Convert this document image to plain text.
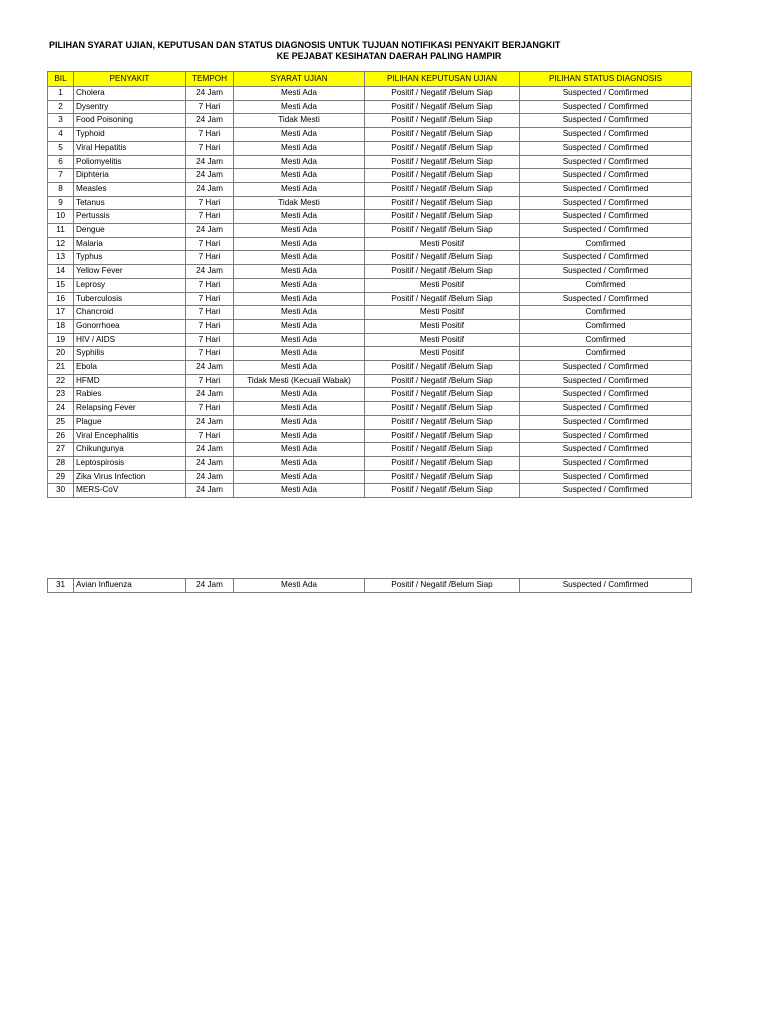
PILIHAN SYARAT UJIAN, KEPUTUSAN DAN STATUS DIAGNOSIS UNTUK TUJUAN NOTIFIKASI PENYAKIT BERJANGKIT
KE PEJABAT KESIHATAN DAERAH PALING HAMPIR
BIL	PENYAKIT	TEMPOH	SYARAT UJIAN	PILIHAN KEPUTUSAN UJIAN	PILIHAN STATUS DIAGNOSIS
1	Cholera	24 Jam	Mesti Ada	Positif / Negatif /Belum Siap	Suspected / Comfirmed
2	Dysentry	7 Hari	Mesti Ada	Positif / Negatif /Belum Siap	Suspected / Comfirmed
3	Food Poisoning	24 Jam	Tidak Mesti	Positif / Negatif /Belum Siap	Suspected / Comfirmed
4	Typhoid	7 Hari	Mesti Ada	Positif / Negatif /Belum Siap	Suspected / Comfirmed
5	Viral Hepatitis	7 Hari	Mesti Ada	Positif / Negatif /Belum Siap	Suspected / Comfirmed
6	Poliomyelitis	24 Jam	Mesti Ada	Positif / Negatif /Belum Siap	Suspected / Comfirmed
7	Diphteria	24 Jam	Mesti Ada	Positif / Negatif /Belum Siap	Suspected / Comfirmed
8	Measles	24 Jam	Mesti Ada	Positif / Negatif /Belum Siap	Suspected / Comfirmed
9	Tetanus	7 Hari	Tidak Mesti	Positif / Negatif /Belum Siap	Suspected / Comfirmed
10	Pertussis	7 Hari	Mesti Ada	Positif / Negatif /Belum Siap	Suspected / Comfirmed
11	Dengue	24 Jam	Mesti Ada	Positif / Negatif /Belum Siap	Suspected / Comfirmed
12	Malaria	7 Hari	Mesti Ada	Mesti Positif	Comfirmed
13	Typhus	7 Hari	Mesti Ada	Positif / Negatif /Belum Siap	Suspected / Comfirmed
14	Yellow Fever	24 Jam	Mesti Ada	Positif / Negatif /Belum Siap	Suspected / Comfirmed
15	Leprosy	7 Hari	Mesti Ada	Mesti Positif	Comfirmed
16	Tuberculosis	7 Hari	Mesti Ada	Positif / Negatif /Belum Siap	Suspected / Comfirmed
17	Chancroid	7 Hari	Mesti Ada	Mesti Positif	Comfirmed
18	Gonorrhoea	7 Hari	Mesti Ada	Mesti Positif	Comfirmed
19	HIV / AIDS	7 Hari	Mesti Ada	Mesti Positif	Comfirmed
20	Syphilis	7 Hari	Mesti Ada	Mesti Positif	Comfirmed
21	Ebola	24 Jam	Mesti Ada	Positif / Negatif /Belum Siap	Suspected / Comfirmed
22	HFMD	7 Hari	Tidak Mesti (Kecuali Wabak)	Positif / Negatif /Belum Siap	Suspected / Comfirmed
23	Rabies	24 Jam	Mesti Ada	Positif / Negatif /Belum Siap	Suspected / Comfirmed
24	Relapsing Fever	7 Hari	Mesti Ada	Positif / Negatif /Belum Siap	Suspected / Comfirmed
25	Plague	24 Jam	Mesti Ada	Positif / Negatif /Belum Siap	Suspected / Comfirmed
26	Viral Encephalitis	7 Hari	Mesti Ada	Positif / Negatif /Belum Siap	Suspected / Comfirmed
27	Chikungunya	24 Jam	Mesti Ada	Positif / Negatif /Belum Siap	Suspected / Comfirmed
28	Leptospirosis	24 Jam	Mesti Ada	Positif / Negatif /Belum Siap	Suspected / Comfirmed
29	Zika Virus Infection	24 Jam	Mesti Ada	Positif / Negatif /Belum Siap	Suspected / Comfirmed
30	MERS-CoV	24 Jam	Mesti Ada	Positif / Negatif /Belum Siap	Suspected / Comfirmed
31	Avian Influenza	24 Jam	Mesti Ada	Positif / Negatif /Belum Siap	Suspected / Comfirmed
